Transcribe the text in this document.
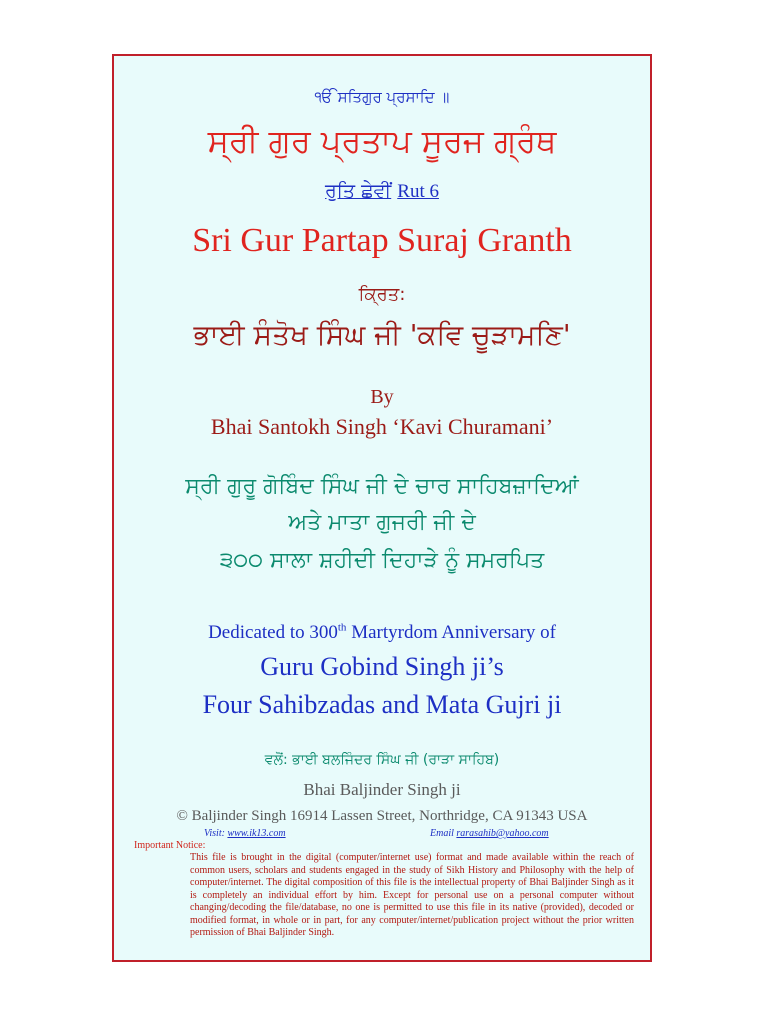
ੴ ਸਤਿਗੁਰ ਪ੍ਰਸਾਦਿ ॥
ਸ੍ਰੀ ਗੁਰ ਪ੍ਰਤਾਪ ਸੂਰਜ ਗ੍ਰੰਥ
ਰੁਤਿ ਛੇਵੀਂ Rut 6
Sri Gur Partap Suraj Granth
ਕ੍ਰਿਤ:
ਭਾਈ ਸੰਤੋਖ ਸਿੰਘ ਜੀ 'ਕਵਿ ਚੂੜਾਮਣਿ'
By
Bhai Santokh Singh ‘Kavi Churamani’
ਸ੍ਰੀ ਗੁਰੂ ਗੋਬਿੰਦ ਸਿੰਘ ਜੀ ਦੇ ਚਾਰ ਸਾਹਿਬਜ਼ਾਦਿਆਂ
ਅਤੇ ਮਾਤਾ ਗੁਜਰੀ ਜੀ ਦੇ
੩੦੦ ਸਾਲਾ ਸ਼ਹੀਦੀ ਦਿਹਾੜੇ ਨੂੰ ਸਮਰਪਿਤ
Dedicated to 300th Martyrdom Anniversary of
Guru Gobind Singh ji’s
Four Sahibzadas and Mata Gujri ji
ਵਲੋਂ: ਭਾਈ ਬਲਜਿੰਦਰ ਸਿੰਘ ਜੀ (ਰਾੜਾ ਸਾਹਿਬ)
Bhai Baljinder Singh ji
© Baljinder Singh 16914 Lassen Street, Northridge, CA 91343 USA
Visit: www.ik13.com	Email rarasahib@yahoo.com
Important Notice:
This file is brought in the digital (computer/internet use) format and made available within the reach of common users, scholars and students engaged in the study of Sikh History and Philosophy with the help of computer/internet. The digital composition of this file is the intellectual property of Bhai Baljinder Singh as it is completely an individual effort by him. Except for personal use on a personal computer without changing/decoding the file/database, no one is permitted to use this file in its native (provided), decoded or modified format, in whole or in part, for any computer/internet/publication project without the prior written permission of Bhai Baljinder Singh.
